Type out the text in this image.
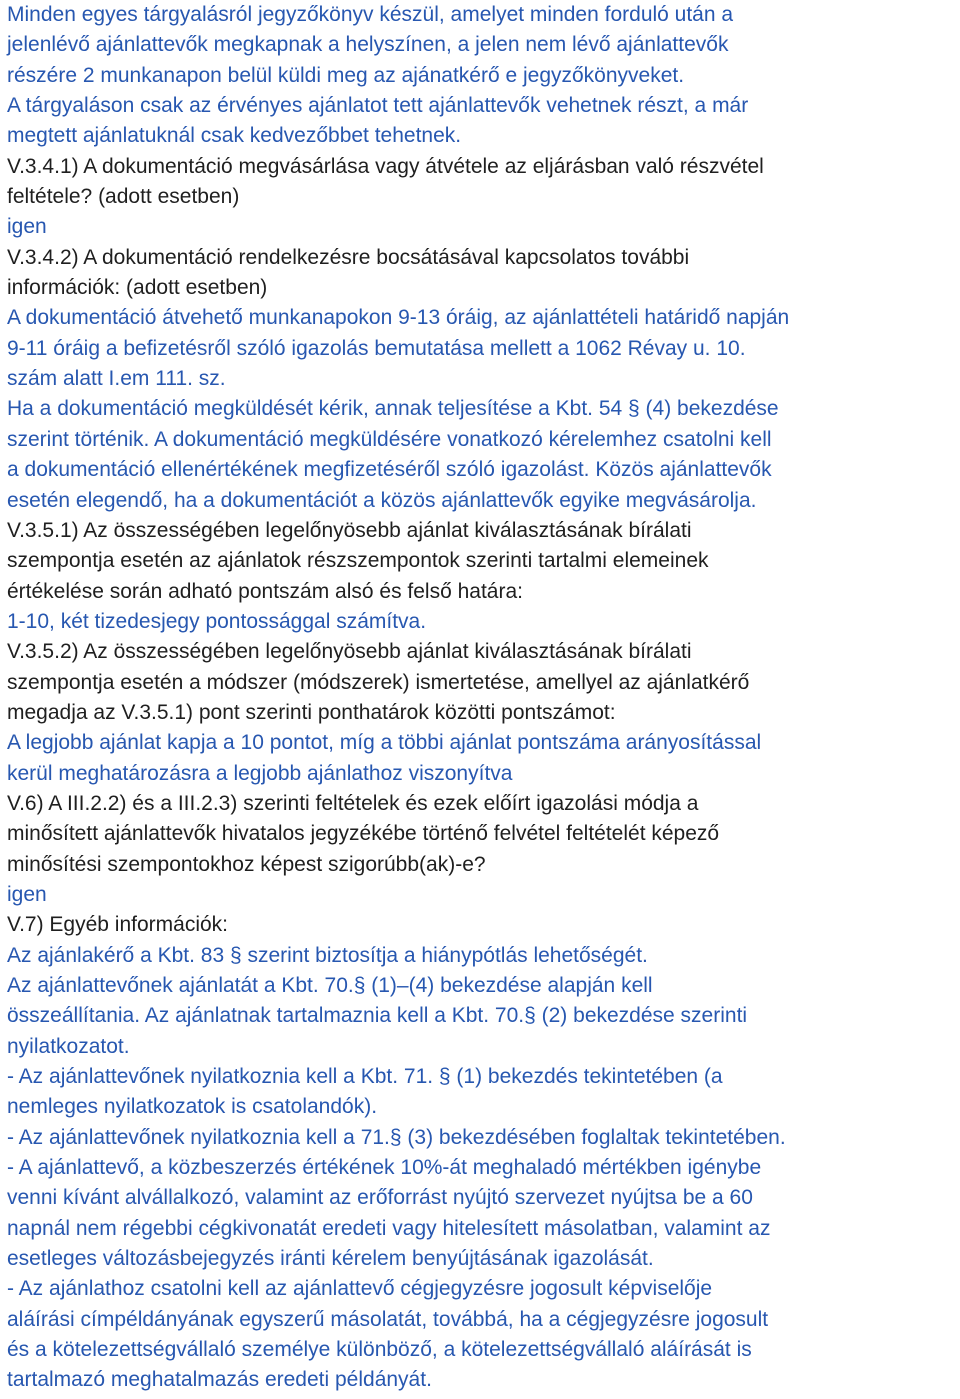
Minden egyes tárgyalásról jegyzőkönyv készül, amelyet minden forduló után a
jelenlévő ajánlattevők megkapnak a helyszínen, a jelen nem lévő ajánlattevők
részére 2 munkanapon belül küldi meg az ajánatkérő e jegyzőkönyveket.
A tárgyaláson csak az érvényes ajánlatot tett ajánlattevők vehetnek részt, a már
megtett ajánlatuknál csak kedvezőbbet tehetnek.
V.3.4.1) A dokumentáció megvásárlása vagy átvétele az eljárásban való részvétel
feltétele? (adott esetben)
igen
V.3.4.2) A dokumentáció rendelkezésre bocsátásával kapcsolatos további
információk: (adott esetben)
A dokumentáció átvehető munkanapokon 9-13 óráig, az ajánlattételi határidő napján
9-11 óráig a befizetésről szóló igazolás bemutatása mellett a 1062 Révay u. 10.
szám alatt I.em 111. sz.
Ha a dokumentáció megküldését kérik, annak teljesítése a Kbt. 54 § (4) bekezdése
szerint történik. A dokumentáció megküldésére vonatkozó kérelemhez csatolni kell
a dokumentáció ellenértékének megfizetéséről szóló igazolást. Közös ajánlattevők
esetén elegendő, ha a dokumentációt a közös ajánlattevők egyike megvásárolja.
V.3.5.1) Az összességében legelőnyösebb ajánlat kiválasztásának bírálati
szempontja esetén az ajánlatok részszempontok szerinti tartalmi elemeinek
értékelése során adható pontszám alsó és felső határa:
1-10, két tizedesjegy pontossággal számítva.
V.3.5.2) Az összességében legelőnyösebb ajánlat kiválasztásának bírálati
szempontja esetén a módszer (módszerek) ismertetése, amellyel az ajánlatkérő
megadja az V.3.5.1) pont szerinti ponthatárok közötti pontszámot:
A legjobb ajánlat kapja a 10 pontot, míg a többi ajánlat pontszáma arányosítással
kerül meghatározásra a legjobb ajánlathoz viszonyítva
V.6) A III.2.2) és a III.2.3) szerinti feltételek és ezek előírt igazolási módja a
minősített ajánlattevők hivatalos jegyzékébe történő felvétel feltételét képező
minősítési szempontokhoz képest szigorúbb(ak)-e?
igen
V.7) Egyéb információk:
Az ajánlakérő a Kbt. 83 § szerint biztosítja a hiánypótlás lehetőségét.
Az ajánlattevőnek ajánlatát a Kbt. 70.§ (1)–(4) bekezdése alapján kell
összeállítania. Az ajánlatnak tartalmaznia kell a Kbt. 70.§ (2) bekezdése szerinti
nyilatkozatot.
- Az ajánlattevőnek nyilatkoznia kell a Kbt. 71. § (1) bekezdés tekintetében (a
nemleges nyilatkozatok is csatolandók).
- Az ajánlattevőnek nyilatkoznia kell a 71.§ (3) bekezdésében foglaltak tekintetében.
- A ajánlattevő, a közbeszerzés értékének 10%-át meghaladó mértékben igénybe
venni kívánt alvállalkozó, valamint az erőforrást nyújtó szervezet nyújtsa be a 60
napnál nem régebbi cégkivonatát eredeti vagy hitelesített másolatban, valamint az
esetleges változásbejegyzés iránti kérelem benyújtásának igazolását.
- Az ajánlathoz csatolni kell az ajánlattevő cégjegyzésre jogosult képviselője
aláírási címpéldányának egyszerű másolatát, továbbá, ha a cégjegyzésre jogosult
és a kötelezettségvállaló személye különböző, a kötelezettségvállaló aláírását is
tartalmazó meghatalmazás eredeti példányát.
